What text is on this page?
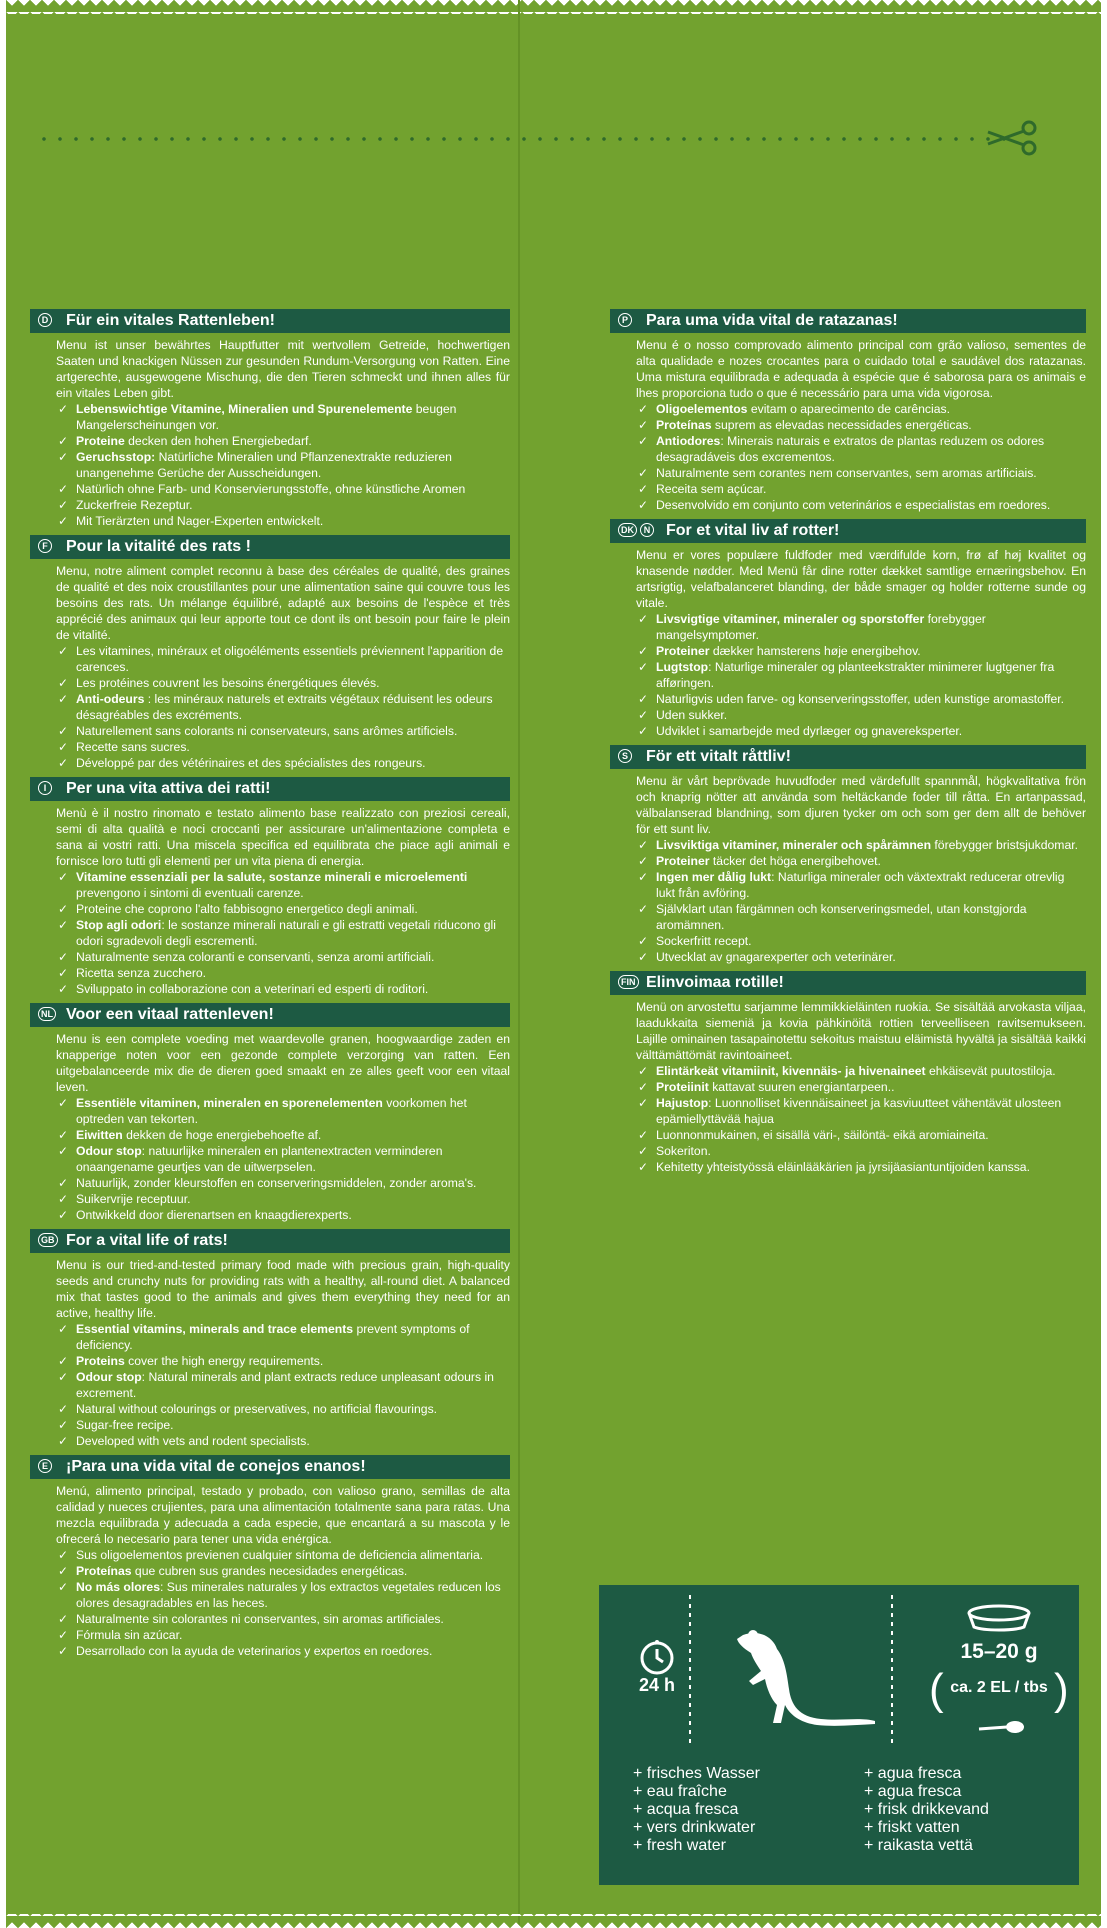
D Für ein vitales Rattenleben!
Menu ist unser bewährtes Hauptfutter mit wertvollem Getreide, hochwertigen Saaten und knackigen Nüssen zur gesunden Rundum-Versorgung von Ratten. Eine artgerechte, ausgewogene Mischung, die den Tieren schmeckt und ihnen alles für ein vitales Leben gibt.
✓ Lebenswichtige Vitamine, Mineralien und Spurenelemente beugen Mangelerscheinungen vor.
✓ Proteine decken den hohen Energiebedarf.
✓ Geruchsstop: Natürliche Mineralien und Pflanzenextrakte reduzieren unangenehme Gerüche der Ausscheidungen.
✓ Natürlich ohne Farb- und Konservierungsstoffe, ohne künstliche Aromen
✓ Zuckerfreie Rezeptur.
✓ Mit Tierärzten und Nager-Experten entwickelt.
F Pour la vitalité des rats !
Menu, notre aliment complet reconnu à base des céréales de qualité, des graines de qualité et des noix croustillantes pour une alimentation saine qui couvre tous les besoins des rats. Un mélange équilibré, adapté aux besoins de l'espèce et très apprécié des animaux qui leur apporte tout ce dont ils ont besoin pour faire le plein de vitalité.
✓ Les vitamines, minéraux et oligoéléments essentiels préviennent l'apparition de carences.
✓ Les protéines couvrent les besoins énergétiques élevés.
✓ Anti-odeurs : les minéraux naturels et extraits végétaux réduisent les odeurs désagréables des excréments.
✓ Naturellement sans colorants ni conservateurs, sans arômes artificiels.
✓ Recette sans sucres.
✓ Développé par des vétérinaires et des spécialistes des rongeurs.
I	Per una vita attiva dei ratti!
Menù è il nostro rinomato e testato alimento base realizzato con preziosi cereali, semi di alta qualità e noci croccanti per assicurare un'alimentazione completa e sana ai vostri ratti. Una miscela specifica ed equilibrata che piace agli animali e fornisce loro tutti gli elementi per un vita piena di energia.
✓ Vitamine essenziali per la salute, sostanze minerali e microelementi prevengono i sintomi di eventuali carenze.
✓ Proteine che coprono l'alto fabbisogno energetico degli animali.
✓ Stop agli odori: le sostanze minerali naturali e gli estratti vegetali riducono gli odori sgradevoli degli escrementi.
✓ Naturalmente senza coloranti e conservanti, senza aromi artificiali.
✓ Ricetta senza zucchero.
✓ Sviluppato in collaborazione con a veterinari ed esperti di roditori.
NL Voor een vitaal rattenleven!
Menu is een complete voeding met waardevolle granen, hoogwaardige zaden en knapperige noten voor een gezonde complete verzorging van ratten. Een uitgebalanceerde mix die de dieren goed smaakt en ze alles geeft voor een vitaal leven.
✓ Essentiële vitaminen, mineralen en sporenelementen voorkomen het optreden van tekorten.
✓ Eiwitten dekken de hoge energiebehoefte af.
✓ Odour stop: natuurlijke mineralen en plantenextracten verminderen onaangename geurtjes van de uitwerpselen.
✓ Natuurlijk, zonder kleurstoffen en conserveringsmiddelen, zonder aroma's.
✓ Suikervrije receptuur.
✓ Ontwikkeld door dierenartsen en knaagdierexperts.
GB For a vital life of rats!
Menu is our tried-and-tested primary food made with precious grain, high-quality seeds and crunchy nuts for providing rats with a healthy, all-round diet. A balanced mix that tastes good to the animals and gives them everything they need for an active, healthy life.
✓ Essential vitamins, minerals and trace elements prevent symptoms of deficiency.
✓ Proteins cover the high energy requirements.
✓ Odour stop: Natural minerals and plant extracts reduce unpleasant odours in excrement.
✓ Natural without colourings or preservatives, no artificial flavourings.
✓ Sugar-free recipe.
✓ Developed with vets and rodent specialists.
E ¡Para una vida vital de conejos enanos!
Menú, alimento principal, testado y probado, con valioso grano, semillas de alta calidad y nueces crujientes, para una alimentación totalmente sana para ratas. Una mezcla equilibrada y adecuada a cada especie, que encantará a su mascota y le ofrecerá lo necesario para tener una vida enérgica.
✓ Sus oligoelementos previenen cualquier síntoma de deficiencia alimentaria.
✓ Proteínas que cubren sus grandes necesidades energéticas.
✓ No más olores: Sus minerales naturales y los extractos vegetales reducen los olores desagradables en las heces.
✓ Naturalmente sin colorantes ni conservantes, sin aromas artificiales.
✓ Fórmula sin azúcar.
✓ Desarrollado con la ayuda de veterinarios y expertos en roedores.
P Para uma vida vital de ratazanas!
Menu é o nosso comprovado alimento principal com grão valioso, sementes de alta qualidade e nozes crocantes para o cuidado total e saudável dos ratazanas. Uma mistura equilibrada e adequada à espécie que é saborosa para os animais e lhes proporciona tudo o que é necessário para uma vida vigorosa.
✓ Oligoelementos evitam o aparecimento de carências.
✓ Proteínas suprem as elevadas necessidades energéticas.
✓ Antiodores: Minerais naturais e extratos de plantas reduzem os odores desagradáveis dos excrementos.
✓ Naturalmente sem corantes nem conservantes, sem aromas artificiais.
✓ Receita sem açúcar.
✓ Desenvolvido em conjunto com veterinários e especialistas em roedores.
DK	N For et vital liv af rotter!
Menu er vores populære fuldfoder med værdifulde korn, frø af høj kvalitet og knasende nødder. Med Menü får dine rotter dækket samtlige ernæringsbehov. En artsrigtig, velafbalanceret blanding, der både smager og holder rotterne sunde og vitale.
✓ Livsvigtige vitaminer, mineraler og sporstoffer forebygger mangelsymptomer.
✓ Proteiner dækker hamsterens høje energibehov.
✓ Lugtstop: Naturlige mineraler og planteekstrakter minimerer lugtgener fra afføringen.
✓ Naturligvis uden farve- og konserveringsstoffer, uden kunstige aromastoffer.
✓ Uden sukker.
✓ Udviklet i samarbejde med dyrlæger og gnavereksperter.
S För ett vitalt råttliv!
Menu är vårt beprövade huvudfoder med värdefullt spannmål, högkvalitativa frön och knaprig nötter att använda som heltäckande foder till råttа. En artanpassad, välbalanserad blandning, som djuren tycker om och som ger dem allt de behöver för ett sunt liv.
✓ Livsviktiga vitaminer, mineraler och spårämnen förebygger bristsjukdomar.
✓ Proteiner täcker det höga energibehovet.
✓ Ingen mer dålig lukt: Naturliga mineraler och växtextrakt reducerar otrevlig lukt från avföring.
✓ Självklart utan färgämnen och konserveringsmedel, utan konstgjorda aromämnen.
✓ Sockerfritt recept.
✓ Utvecklat av gnagarexperter och veterinärer.
FIN Elinvoimaa rotille!
Menü on arvostettu sarjamme lemmikkieläinten ruokia. Se sisältää arvokasta viljaa, laadukkaita siemeniä ja kovia pähkinöitä rottien terveelliseen ravitsemukseen. Lajille ominainen tasapainotettu sekoitus maistuu eläimistä hyvältä ja sisältää kaikki välttämättömät ravintoaineet.
✓ Elintärkeät vitamiinit, kivennäis- ja hivenaineet ehkäisevät puutostiloja.
✓ Proteiinit kattavat suuren energiantarpeen..
✓ Hajustop: Luonnolliset kivennäisaineet ja kasviuutteet vähentävät ulosteen epämiellyttävää hajua
✓ Luonnonmukainen, ei sisällä väri-, säilöntä- eikä aromiaineita.
✓ Sokeriton.
✓ Kehitetty yhteistyössä eläinlääkärien ja jyrsijäasiantuntijoiden kanssa.
24 h
15–20 g
(	)
ca. 2 EL / tbs
+ frisches Wasser
+ eau fraîche
+ acqua fresca
+ vers drinkwater
+ fresh water
+ agua fresca
+ agua fresca
+ frisk drikkevand
+ friskt vatten
+ raikasta vettä
